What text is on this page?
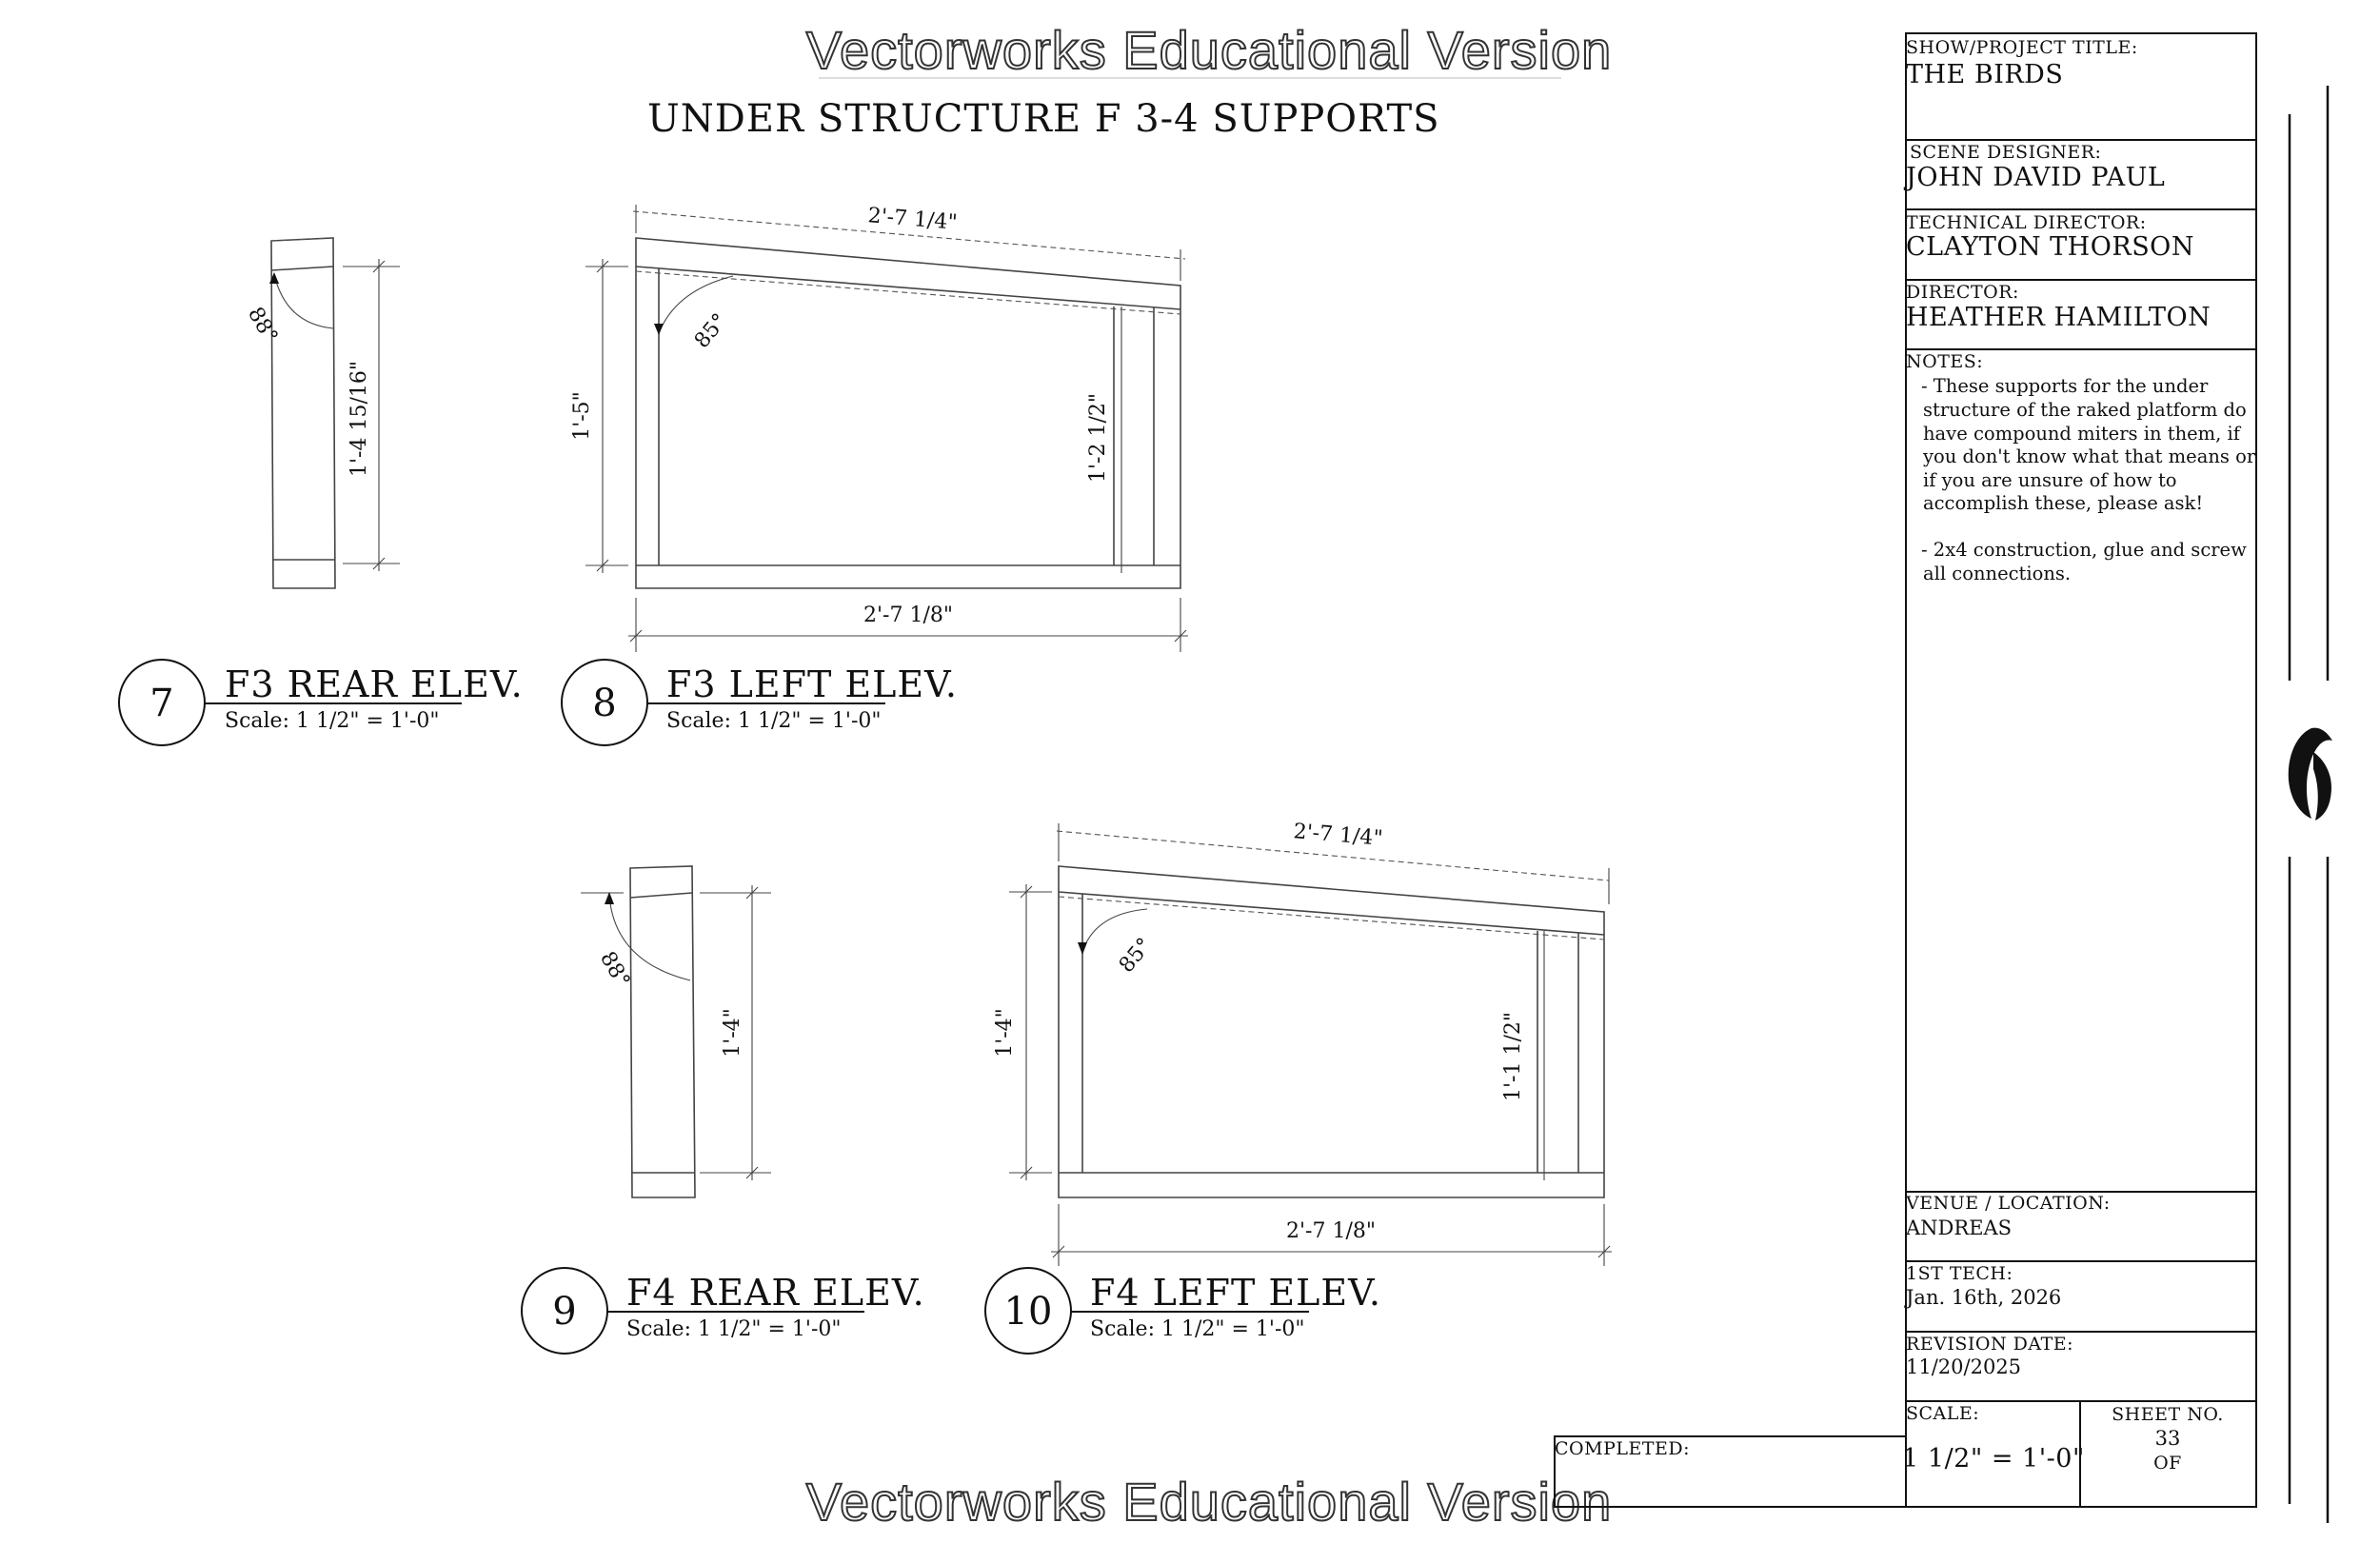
Vectorworks Educational Version
Vectorworks Educational Version
UNDER STRUCTURE F 3-4 SUPPORTS
1'-4 15/16"
88°
2'-7 1/4"
1'-5"	1'-2 1/2"
2'-7 1/8"
85°
1'-4"
88°
2'-7 1/4"
1'-4"	1'-1 1/2"
2'-7 1/8"
85°
7 F3 REAR ELEV.
Scale: 1 1/2" = 1'-0"	8 F3 LEFT ELEV.
Scale: 1 1/2" = 1'-0"
9 F4 REAR ELEV.
Scale: 1 1/2" = 1'-0"	10 F4 LEFT ELEV.
Scale: 1 1/2" = 1'-0"
SHOW/PROJECT TITLE:
THE BIRDS
SCENE DESIGNER:
JOHN DAVID PAUL
TECHNICAL DIRECTOR:
CLAYTON THORSON
DIRECTOR:
HEATHER HAMILTON
NOTES:
- These supports for the under
structure of the raked platform do
have compound miters in them, if
you don't know what that means or
if you are unsure of how to
accomplish these, please ask!
- 2x4 construction, glue and screw
all connections.
VENUE / LOCATION:
ANDREAS
1ST TECH:
Jan. 16th, 2026
REVISION DATE:
11/20/2025
SCALE:
1 1/2" = 1'-0"
SHEET NO.
33
OF
COMPLETED:
